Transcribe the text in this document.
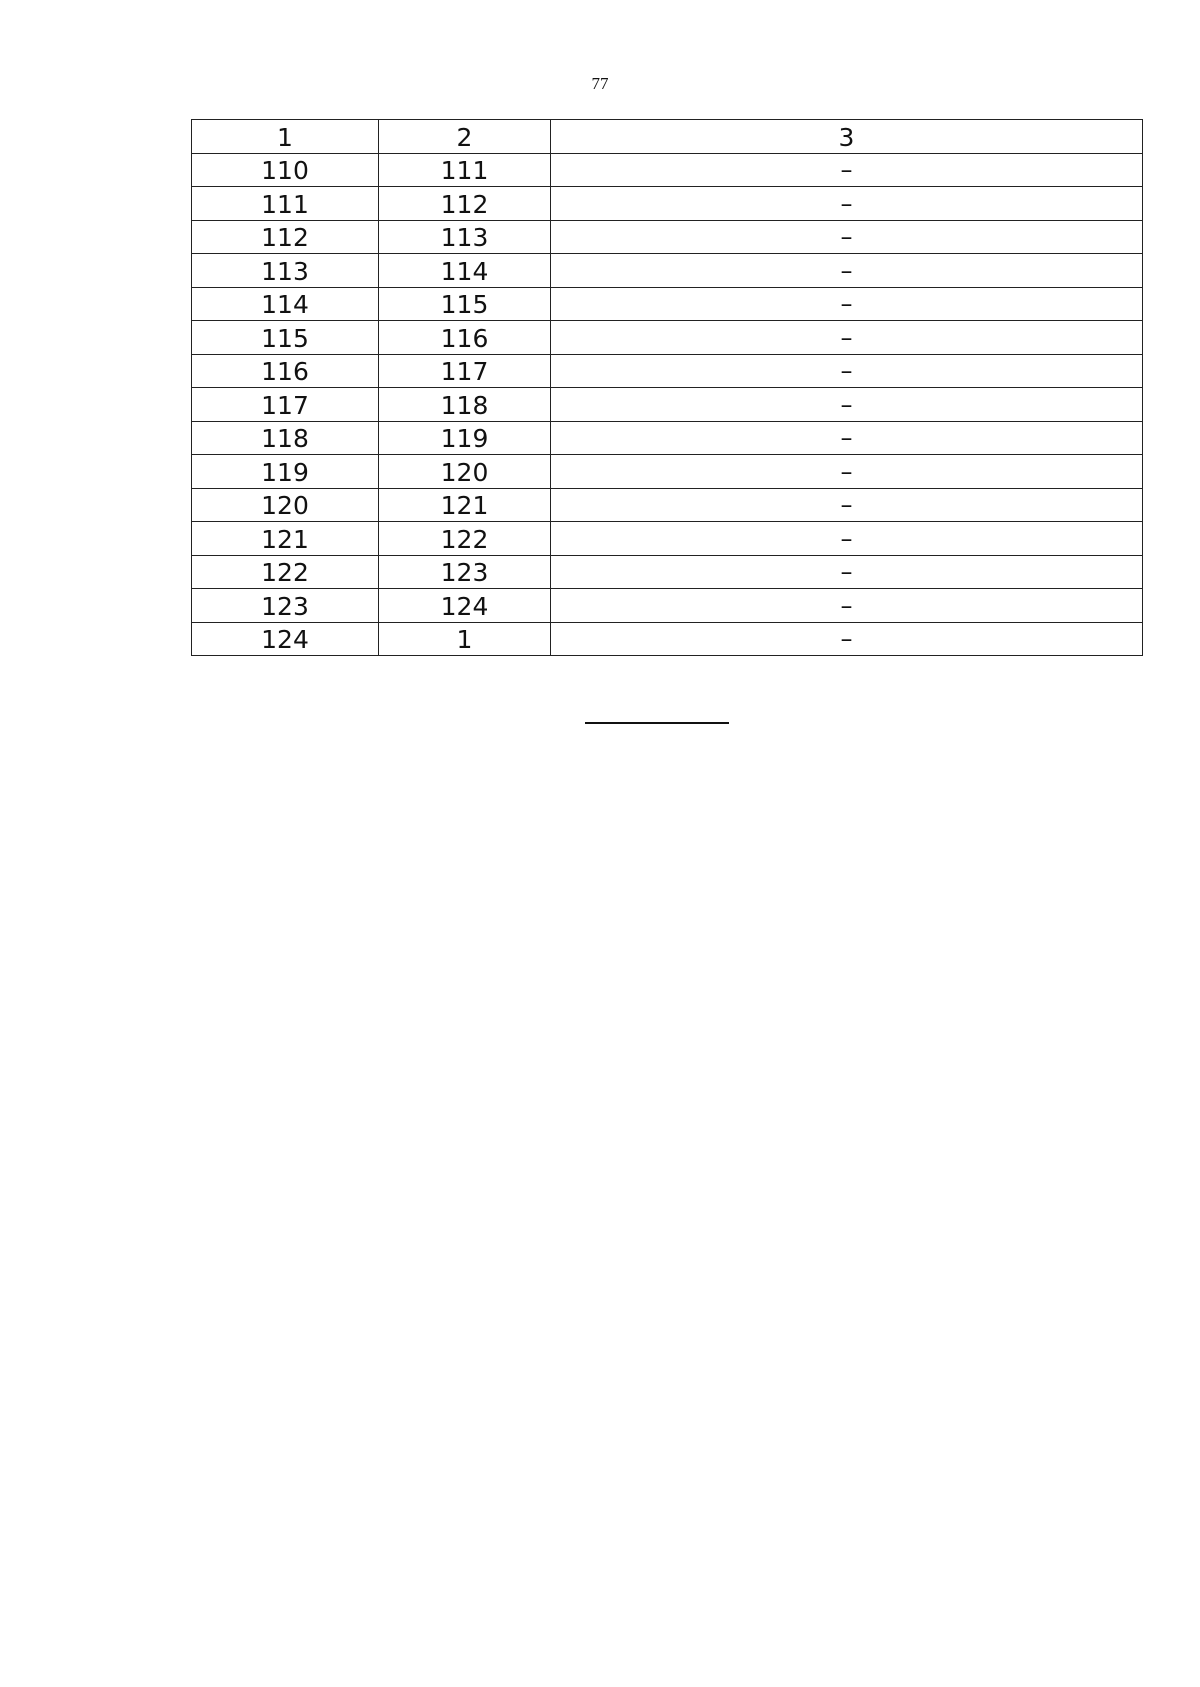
77
1	2	3
110	111	–
111	112	–
112	113	–
113	114	–
114	115	–
115	116	–
116	117	–
117	118	–
118	119	–
119	120	–
120	121	–
121	122	–
122	123	–
123	124	–
124	1	–
